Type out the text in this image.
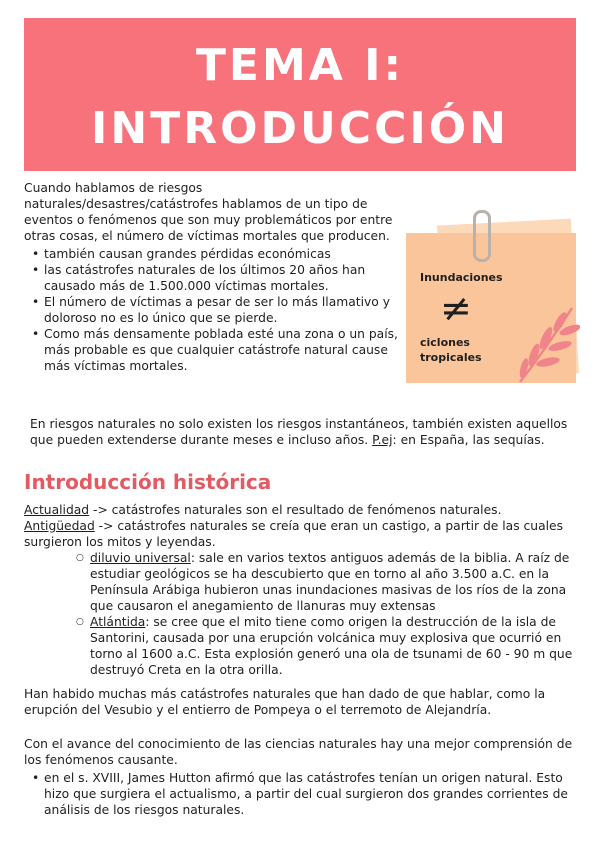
TEMA I:
INTRODUCCIÓN

Cuando hablamos de riesgos naturales/desastres/catástrofes hablamos de un tipo de eventos o fenómenos que son muy problemáticos por entre otras cosas, el número de víctimas mortales que producen.

• también causan grandes pérdidas económicas
• las catástrofes naturales de los últimos 20 años han causado más de 1.500.000 víctimas mortales.
• El número de víctimas a pesar de ser lo más llamativo y doloroso no es lo único que se pierde.
• Como más densamente poblada esté una zona o un país, más probable es que cualquier catástrofe natural cause más víctimas mortales.
Inundaciones
≠
ciclones
tropicales

En riesgos naturales no solo existen los riesgos instantáneos, también existen aquellos que pueden extenderse durante meses e incluso años. P.ej: en España, las sequías.

Introducción histórica
Actualidad -> catástrofes naturales son el resultado de fenómenos naturales.
Antigüedad -> catástrofes naturales se creía que eran un castigo, a partir de las cuales surgieron los mitos y leyendas.
○ diluvio universal: sale en varios textos antiguos además de la biblia. A raíz de estudiar geológicos se ha descubierto que en torno al año 3.500 a.C. en la Península Arábiga hubieron unas inundaciones masivas de los ríos de la zona que causaron el anegamiento de llanuras muy extensas
○ Atlántida: se cree que el mito tiene como origen la destrucción de la isla de Santorini, causada por una erupción volcánica muy explosiva que ocurrió en torno al 1600 a.C. Esta explosión generó una ola de tsunami de 60 - 90 m que destruyó Creta en la otra orilla.

Han habido muchas más catástrofes naturales que han dado de que hablar, como la erupción del Vesubio y el entierro de Pompeya o el terremoto de Alejandría.

Con el avance del conocimiento de las ciencias naturales hay una mejor comprensión de los fenómenos causante.
• en el s. XVIII, James Hutton afirmó que las catástrofes tenían un origen natural. Esto hizo que surgiera el actualismo, a partir del cual surgieron dos grandes corrientes de análisis de los riesgos naturales.
